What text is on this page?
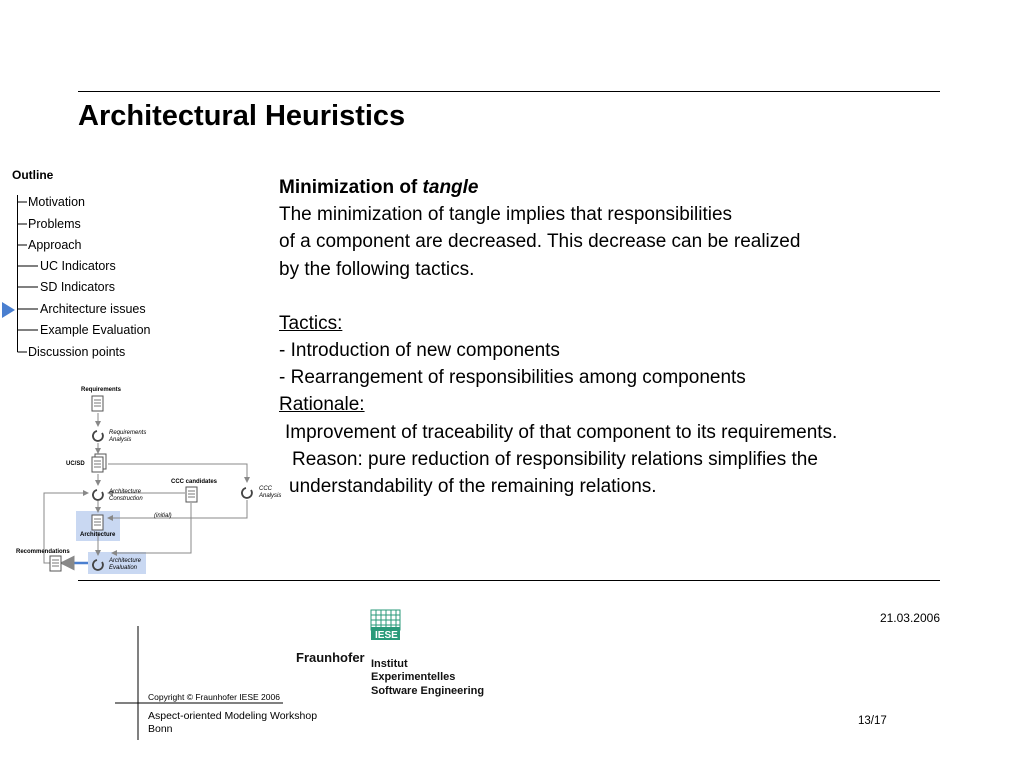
Architectural Heuristics
Outline
Motivation
Problems
Approach
UC Indicators
SD Indicators
Architecture issues
Example Evaluation
Discussion points

Minimization of tangle

The minimization of tangle implies that responsibilities

of a component are decreased. This decrease can be realized

by the following tactics.

Tactics:

- Introduction of new components

- Rearrangement of responsibilities among components

Rationale:

Improvement of traceability of that component to its requirements.

Reason: pure reduction of responsibility relations simplifies the

understandability of the remaining relations.

Requirements
Requirements
Analysis
UC/SD
CCC candidates
CCC
Analysis
Architecture
Construction
(initial)
Architecture
Recommendations
Architecture
Evaluation
21.03.2006
IESE
Fraunhofer Institut
Experimentelles
Software Engineering
Copyright © Fraunhofer IESE 2006
Aspect-oriented Modeling Workshop
Bonn
13/17
